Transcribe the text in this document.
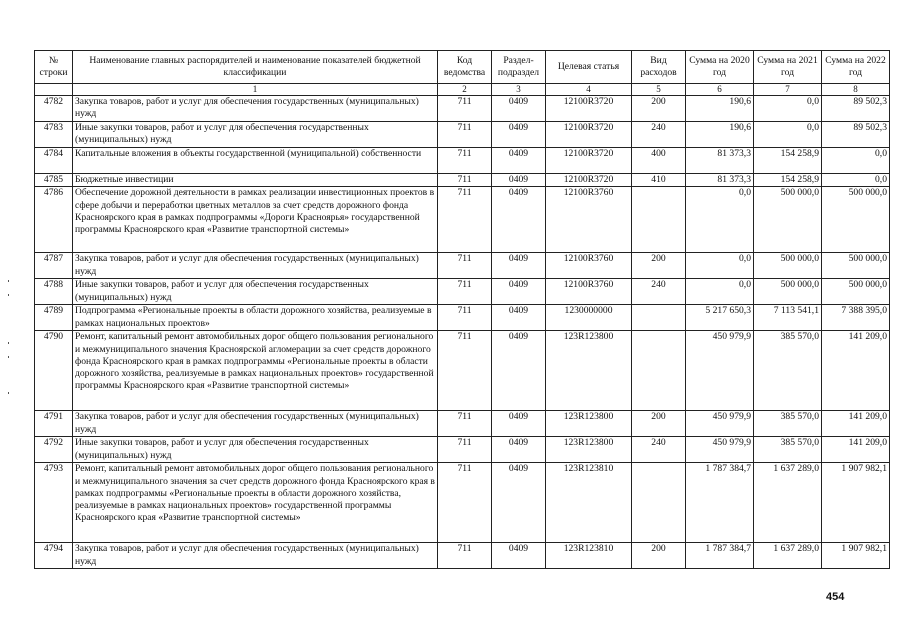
№ строки	Наименование главных распорядителей и наименование показателей бюджетной классификации	Код ведомства	Раздел- подраздел	Целевая статья	Вид расходов	Сумма на 2020 год	Сумма на 2021 год	Сумма на 2022 год
	1	2	3	4	5	6	7	8
4782	Закупка товаров, работ и услуг для обеспечения государственных (муниципальных) нужд	711	0409	12100R3720	200	190,6	0,0	89 502,3
4783	Иные закупки товаров, работ и услуг для обеспечения государственных (муниципальных) нужд	711	0409	12100R3720	240	190,6	0,0	89 502,3
4784	Капитальные вложения в объекты государственной (муниципальной) собственности	711	0409	12100R3720	400	81 373,3	154 258,9	0,0
4785	Бюджетные инвестиции	711	0409	12100R3720	410	81 373,3	154 258,9	0,0
4786	Обеспечение дорожной деятельности в рамках реализации инвестиционных проектов в сфере добычи и переработки цветных металлов за счет средств дорожного фонда Красноярского края в рамках подпрограммы «Дороги Красноярья» государственной программы Красноярского края «Развитие транспортной системы»	711	0409	12100R3760		0,0	500 000,0	500 000,0
4787	Закупка товаров, работ и услуг для обеспечения государственных (муниципальных) нужд	711	0409	12100R3760	200	0,0	500 000,0	500 000,0
4788	Иные закупки товаров, работ и услуг для обеспечения государственных (муниципальных) нужд	711	0409	12100R3760	240	0,0	500 000,0	500 000,0
4789	Подпрограмма «Региональные проекты в области дорожного хозяйства, реализуемые в рамках национальных проектов»	711	0409	1230000000		5 217 650,3	7 113 541,1	7 388 395,0
4790	Ремонт, капитальный ремонт автомобильных дорог общего пользования регионального и межмуниципального значения Красноярской агломерации за счет средств дорожного фонда Красноярского края в рамках подпрограммы «Региональные проекты в области дорожного хозяйства, реализуемые в рамках национальных проектов» государственной программы Красноярского края «Развитие транспортной системы»	711	0409	123R123800		450 979,9	385 570,0	141 209,0
4791	Закупка товаров, работ и услуг для обеспечения государственных (муниципальных) нужд	711	0409	123R123800	200	450 979,9	385 570,0	141 209,0
4792	Иные закупки товаров, работ и услуг для обеспечения государственных (муниципальных) нужд	711	0409	123R123800	240	450 979,9	385 570,0	141 209,0
4793	Ремонт, капитальный ремонт автомобильных дорог общего пользования регионального и межмуниципального значения за счет средств дорожного фонда Красноярского края в рамках подпрограммы «Региональные проекты в области дорожного хозяйства, реализуемые в рамках национальных проектов» государственной программы Красноярского края «Развитие транспортной системы»	711	0409	123R123810		1 787 384,7	1 637 289,0	1 907 982,1
4794	Закупка товаров, работ и услуг для обеспечения государственных (муниципальных) нужд	711	0409	123R123810	200	1 787 384,7	1 637 289,0	1 907 982,1
454
